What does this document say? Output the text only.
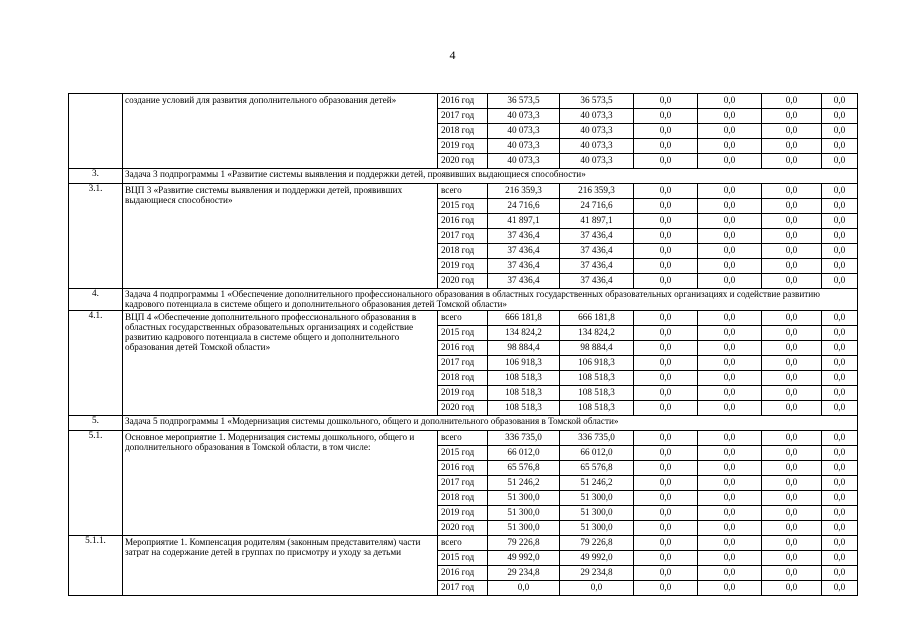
4
	создание условий для развития дополнительного образования детей»	2016 год	36 573,5	36 573,5	0,0	0,0	0,0	0,0
		2017 год	40 073,3	40 073,3	0,0	0,0	0,0	0,0
		2018 год	40 073,3	40 073,3	0,0	0,0	0,0	0,0
		2019 год	40 073,3	40 073,3	0,0	0,0	0,0	0,0
		2020 год	40 073,3	40 073,3	0,0	0,0	0,0	0,0
3.	Задача 3 подпрограммы 1 «Развитие системы выявления и поддержки детей, проявивших выдающиеся способности»							
3.1.	ВЦП 3 «Развитие системы выявления и поддержки детей, проявивших выдающиеся способности»	всего	216 359,3	216 359,3	0,0	0,0	0,0	0,0
		2015 год	24 716,6	24 716,6	0,0	0,0	0,0	0,0
		2016 год	41 897,1	41 897,1	0,0	0,0	0,0	0,0
		2017 год	37 436,4	37 436,4	0,0	0,0	0,0	0,0
		2018 год	37 436,4	37 436,4	0,0	0,0	0,0	0,0
		2019 год	37 436,4	37 436,4	0,0	0,0	0,0	0,0
		2020 год	37 436,4	37 436,4	0,0	0,0	0,0	0,0
4.	Задача 4 подпрограммы 1 «Обеспечение дополнительного профессионального образования в областных государственных образовательных организациях и содействие развитию кадрового потенциала в системе общего и дополнительного образования детей Томской области»							
4.1.	ВЦП 4 «Обеспечение дополнительного профессионального образования в областных государственных образовательных организациях и содействие развитию кадрового потенциала в системе общего и дополнительного образования детей Томской области»	всего	666 181,8	666 181,8	0,0	0,0	0,0	0,0
		2015 год	134 824,2	134 824,2	0,0	0,0	0,0	0,0
		2016 год	98 884,4	98 884,4	0,0	0,0	0,0	0,0
		2017 год	106 918,3	106 918,3	0,0	0,0	0,0	0,0
		2018 год	108 518,3	108 518,3	0,0	0,0	0,0	0,0
		2019 год	108 518,3	108 518,3	0,0	0,0	0,0	0,0
		2020 год	108 518,3	108 518,3	0,0	0,0	0,0	0,0
5.	Задача 5 подпрограммы 1 «Модернизация системы дошкольного, общего и дополнительного образования в Томской области»							
5.1.	Основное мероприятие 1. Модернизация системы дошкольного, общего и дополнительного образования в Томской области, в том числе:	всего	336 735,0	336 735,0	0,0	0,0	0,0	0,0
		2015 год	66 012,0	66 012,0	0,0	0,0	0,0	0,0
		2016 год	65 576,8	65 576,8	0,0	0,0	0,0	0,0
		2017 год	51 246,2	51 246,2	0,0	0,0	0,0	0,0
		2018 год	51 300,0	51 300,0	0,0	0,0	0,0	0,0
		2019 год	51 300,0	51 300,0	0,0	0,0	0,0	0,0
		2020 год	51 300,0	51 300,0	0,0	0,0	0,0	0,0
5.1.1.	Мероприятие 1. Компенсация родителям (законным представителям) части затрат на содержание детей в группах по присмотру и уходу за детьми	всего	79 226,8	79 226,8	0,0	0,0	0,0	0,0
		2015 год	49 992,0	49 992,0	0,0	0,0	0,0	0,0
		2016 год	29 234,8	29 234,8	0,0	0,0	0,0	0,0
		2017 год	0,0	0,0	0,0	0,0	0,0	0,0
